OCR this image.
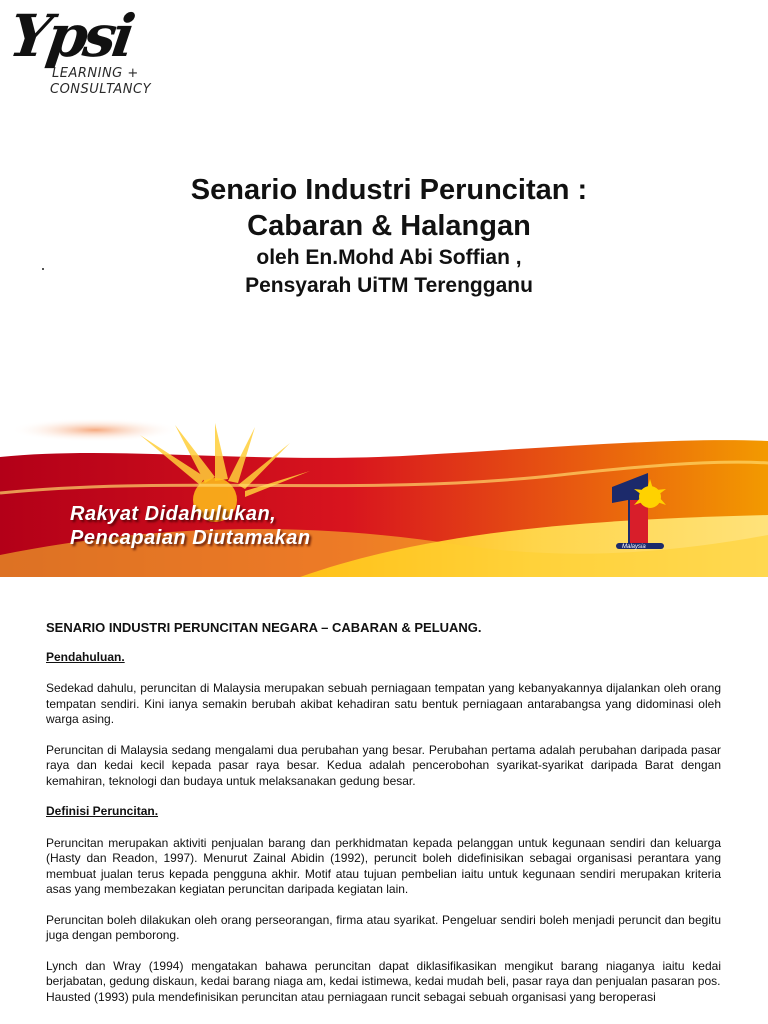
Ypsi
LEARNING +
CONSULTANCY
Senario Industri Peruncitan :
Cabaran & Halangan
oleh En.Mohd Abi Soffian ,
Pensyarah UiTM Terengganu
Malaysia
Rakyat Didahulukan,
Pencapaian Diutamakan
SENARIO INDUSTRI PERUNCITAN NEGARA – CABARAN & PELUANG.
Pendahuluan.

Sedekad dahulu, peruncitan di Malaysia merupakan sebuah perniagaan tempatan yang kebanyakannya dijalankan oleh orang tempatan sendiri. Kini ianya semakin berubah akibat kehadiran satu bentuk perniagaan antarabangsa yang didominasi oleh warga asing.

Peruncitan di Malaysia sedang mengalami dua perubahan yang besar. Perubahan pertama adalah perubahan daripada pasar raya dan kedai kecil kepada pasar raya besar. Kedua adalah pencerobohan syarikat-syarikat daripada Barat dengan kemahiran, teknologi dan budaya untuk melaksanakan gedung besar.

Definisi Peruncitan.

Peruncitan merupakan aktiviti penjualan barang dan perkhidmatan kepada pelanggan untuk kegunaan sendiri dan keluarga (Hasty dan Readon, 1997). Menurut Zainal Abidin (1992), peruncit boleh didefinisikan sebagai organisasi perantara yang membuat jualan terus kepada pengguna akhir. Motif atau tujuan pembelian iaitu untuk kegunaan sendiri merupakan kriteria asas yang membezakan kegiatan peruncitan daripada kegiatan lain.

Peruncitan boleh dilakukan oleh orang perseorangan, firma atau syarikat. Pengeluar sendiri boleh menjadi peruncit dan begitu juga dengan pemborong.

Lynch dan Wray (1994) mengatakan bahawa peruncitan dapat diklasifikasikan mengikut barang niaganya iaitu kedai berjabatan, gedung diskaun, kedai barang niaga am, kedai istimewa, kedai mudah beli, pasar raya dan penjualan pasaran pos.

Hausted (1993) pula mendefinisikan peruncitan atau perniagaan runcit sebagai sebuah organisasi yang beroperasi
